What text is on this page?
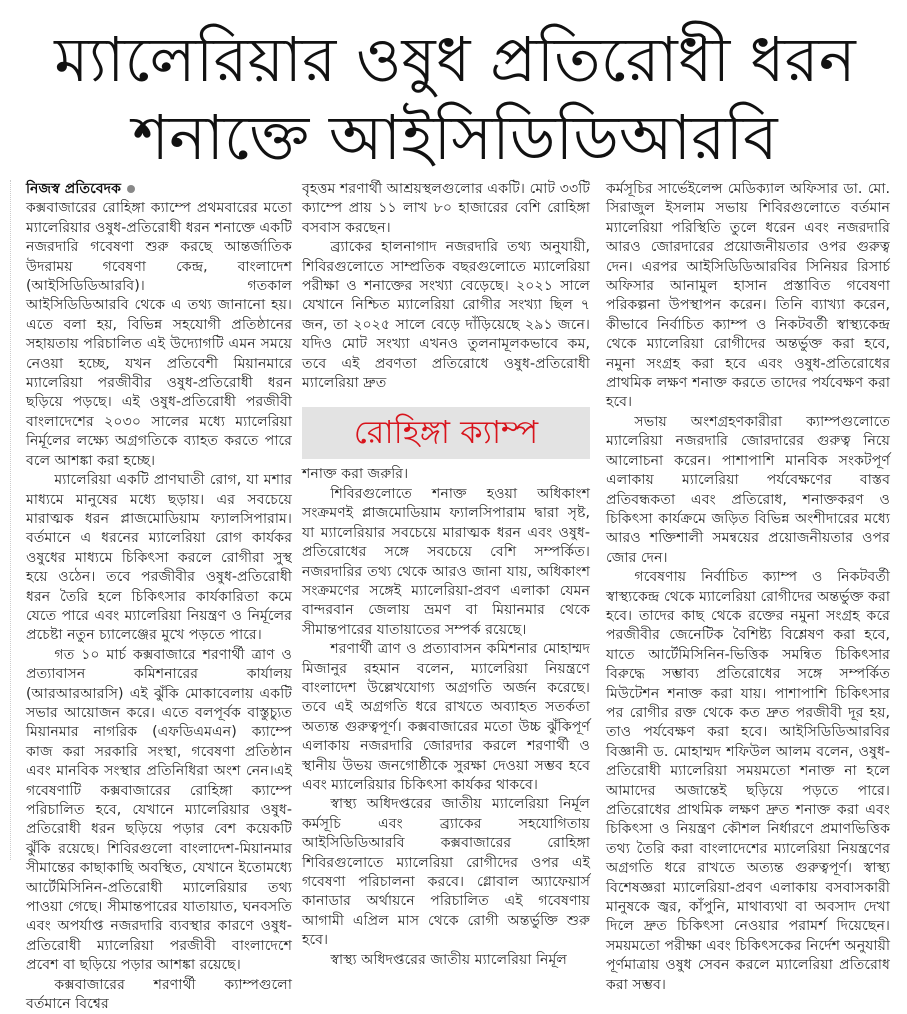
ম্যালেরিয়ার ওষুধ প্রতিরোধী ধরন
শনাক্তে আইসিডিডিআরবি
নিজস্ব প্রতিবেদক

কক্সবাজারের রোহিঙ্গা ক্যাম্পে প্রথমবারের মতো ম্যালেরিয়ার ওষুধ-প্রতিরোধী ধরন শনাক্তে একটি নজরদারি গবেষণা শুরু করছে আন্তর্জাতিক উদরাময় গবেষণা কেন্দ্র, বাংলাদেশ (আইসিডিডিআরবি)। গতকাল আইসিডিডিআরবি থেকে এ তথ্য জানানো হয়। এতে বলা হয়, বিভিন্ন সহযোগী প্রতিষ্ঠানের সহায়তায় পরিচালিত এই উদ্যোগটি এমন সময়ে নেওয়া হচ্ছে, যখন প্রতিবেশী মিয়ানমারে ম্যালেরিয়া পরজীবীর ওষুধ-প্রতিরোধী ধরন ছড়িয়ে পড়ছে। এই ওষুধ-প্রতিরোধী পরজীবী বাংলাদেশের ২০৩০ সালের মধ্যে ম্যালেরিয়া নির্মূলের লক্ষ্যে অগ্রগতিকে ব্যাহত করতে পারে বলে আশঙ্কা করা হচ্ছে।

ম্যালেরিয়া একটি প্রাণঘাতী রোগ, যা মশার মাধ্যমে মানুষের মধ্যে ছড়ায়। এর সবচেয়ে মারাত্মক ধরন প্লাজমোডিয়াম ফ্যালসিপারাম। বর্তমানে এ ধরনের ম্যালেরিয়া রোগ কার্যকর ওষুধের মাধ্যমে চিকিৎসা করলে রোগীরা সুস্থ হয়ে ওঠেন। তবে পরজীবীর ওষুধ-প্রতিরোধী ধরন তৈরি হলে চিকিৎসার কার্যকারিতা কমে যেতে পারে এবং ম্যালেরিয়া নিয়ন্ত্রণ ও নির্মূলের প্রচেষ্টা নতুন চ্যালেঞ্জের মুখে পড়তে পারে।

গত ১০ মার্চ কক্সবাজারে শরণার্থী ত্রাণ ও প্রত্যাবাসন কমিশনারের কার্যালয় (আরআরআরসি) এই ঝুঁকি মোকাবেলায় একটি সভার আয়োজন করে। এতে বলপূর্বক বাস্তুচ্যুত মিয়ানমার নাগরিক (এফডিএমএন) ক্যাম্পে কাজ করা সরকারি সংস্থা, গবেষণা প্রতিষ্ঠান এবং মানবিক সংস্থার প্রতিনিধিরা অংশ নেন।এই গবেষণাটি কক্সবাজারের রোহিঙ্গা ক্যাম্পে পরিচালিত হবে, যেখানে ম্যালেরিয়ার ওষুধ-প্রতিরোধী ধরন ছড়িয়ে পড়ার বেশ কয়েকটি ঝুঁকি রয়েছে। শিবিরগুলো বাংলাদেশ-মিয়ানমার সীমান্তের কাছাকাছি অবস্থিত, যেখানে ইতোমধ্যে আর্টেমিসিনিন-প্রতিরোধী ম্যালেরিয়ার তথ্য পাওয়া গেছে। সীমান্তপারের যাতায়াত, ঘনবসতি এবং অপর্যাপ্ত নজরদারি ব্যবস্থার কারণে ওষুধ-প্রতিরোধী ম্যালেরিয়া পরজীবী বাংলাদেশে প্রবেশ বা ছড়িয়ে পড়ার আশঙ্কা রয়েছে।

কক্সবাজারের শরণার্থী ক্যাম্পগুলো বর্তমানে বিশ্বের

বৃহত্তম শরণার্থী আশ্রয়স্থলগুলোর একটি। মোট ৩৩টি ক্যাম্পে প্রায় ১১ লাখ ৮০ হাজারের বেশি রোহিঙ্গা বসবাস করছেন।

ব্র্যাকের হালনাগাদ নজরদারি তথ্য অনুযায়ী, শিবিরগুলোতে সাম্প্রতিক বছরগুলোতে ম্যালেরিয়া পরীক্ষা ও শনাক্তের সংখ্যা বেড়েছে। ২০২১ সালে যেখানে নিশ্চিত ম্যালেরিয়া রোগীর সংখ্যা ছিল ৭ জন, তা ২০২৫ সালে বেড়ে দাঁড়িয়েছে ২৯১ জনে। যদিও মোট সংখ্যা এখনও তুলনামূলকভাবে কম, তবে এই প্রবণতা প্রতিরোধে ওষুধ-প্রতিরোধী ম্যালেরিয়া দ্রুত

রোহিঙ্গা ক্যাম্প

শনাক্ত করা জরুরি।

শিবিরগুলোতে শনাক্ত হওয়া অধিকাংশ সংক্রমণই প্লাজমোডিয়াম ফ্যালসিপারাম দ্বারা সৃষ্ট, যা ম্যালেরিয়ার সবচেয়ে মারাত্মক ধরন এবং ওষুধ-প্রতিরোধের সঙ্গে সবচেয়ে বেশি সম্পর্কিত। নজরদারির তথ্য থেকে আরও জানা যায়, অধিকাংশ সংক্রমণের সঙ্গেই ম্যালেরিয়া-প্রবণ এলাকা যেমন বান্দরবান জেলায় ভ্রমণ বা মিয়ানমার থেকে সীমান্তপারের যাতায়াতের সম্পর্ক রয়েছে।

শরণার্থী ত্রাণ ও প্রত্যাবাসন কমিশনার মোহাম্মদ মিজানুর রহমান বলেন, ম্যালেরিয়া নিয়ন্ত্রণে বাংলাদেশ উল্লেখযোগ্য অগ্রগতি অর্জন করেছে। তবে এই অগ্রগতি ধরে রাখতে অব্যাহত সতর্কতা অত্যন্ত গুরুত্বপূর্ণ। কক্সবাজারের মতো উচ্চ ঝুঁকিপূর্ণ এলাকায় নজরদারি জোরদার করলে শরণার্থী ও স্থানীয় উভয় জনগোষ্ঠীকে সুরক্ষা দেওয়া সম্ভব হবে এবং ম্যালেরিয়ার চিকিৎসা কার্যকর থাকবে।

স্বাস্থ্য অধিদপ্তরের জাতীয় ম্যালেরিয়া নির্মূল কর্মসূচি এবং ব্র্যাকের সহযোগিতায় আইসিডিডিআরবি কক্সবাজারের রোহিঙ্গা শিবিরগুলোতে ম্যালেরিয়া রোগীদের ওপর এই গবেষণা পরিচালনা করবে। গ্লোবাল অ্যাফেয়ার্স কানাডার অর্থায়নে পরিচালিত এই গবেষণায় আগামী এপ্রিল মাস থেকে রোগী অন্তর্ভুক্তি শুরু হবে।

স্বাস্থ্য অধিদপ্তরের জাতীয় ম্যালেরিয়া নির্মূল

কর্মসূচির সার্ভেইলেন্স মেডিক্যাল অফিসার ডা. মো. সিরাজুল ইসলাম সভায় শিবিরগুলোতে বর্তমান ম্যালেরিয়া পরিস্থিতি তুলে ধরেন এবং নজরদারি আরও জোরদারের প্রয়োজনীয়তার ওপর গুরুত্ব দেন। এরপর আইসিডিডিআরবির সিনিয়র রিসার্চ অফিসার আনামুল হাসান প্রস্তাবিত গবেষণা পরিকল্পনা উপস্থাপন করেন। তিনি ব্যাখ্যা করেন, কীভাবে নির্বাচিত ক্যাম্প ও নিকটবর্তী স্বাস্থ্যকেন্দ্র থেকে ম্যালেরিয়া রোগীদের অন্তর্ভুক্ত করা হবে, নমুনা সংগ্রহ করা হবে এবং ওষুধ-প্রতিরোধের প্রাথমিক লক্ষণ শনাক্ত করতে তাদের পর্যবেক্ষণ করা হবে।

সভায় অংশগ্রহণকারীরা ক্যাম্পগুলোতে ম্যালেরিয়া নজরদারি জোরদারের গুরুত্ব নিয়ে আলোচনা করেন। পাশাপাশি মানবিক সংকটপূর্ণ এলাকায় ম্যালেরিয়া পর্যবেক্ষণের বাস্তব প্রতিবন্ধকতা এবং প্রতিরোধ, শনাক্তকরণ ও চিকিৎসা কার্যক্রমে জড়িত বিভিন্ন অংশীদারের মধ্যে আরও শক্তিশালী সমন্বয়ের প্রয়োজনীয়তার ওপর জোর দেন।

গবেষণায় নির্বাচিত ক্যাম্প ও নিকটবর্তী স্বাস্থ্যকেন্দ্র থেকে ম্যালেরিয়া রোগীদের অন্তর্ভুক্ত করা হবে। তাদের কাছ থেকে রক্তের নমুনা সংগ্রহ করে পরজীবীর জেনেটিক বৈশিষ্ট্য বিশ্লেষণ করা হবে, যাতে আর্টেমিসিনিন-ভিত্তিক সমন্বিত চিকিৎসার বিরুদ্ধে সম্ভাব্য প্রতিরোধের সঙ্গে সম্পর্কিত মিউটেশন শনাক্ত করা যায়। পাশাপাশি চিকিৎসার পর রোগীর রক্ত থেকে কত দ্রুত পরজীবী দূর হয়, তাও পর্যবেক্ষণ করা হবে। আইসিডিডিআরবির বিজ্ঞানী ড. মোহাম্মদ শফিউল আলম বলেন, ওষুধ-প্রতিরোধী ম্যালেরিয়া সময়মতো শনাক্ত না হলে আমাদের অজান্তেই ছড়িয়ে পড়তে পারে। প্রতিরোধের প্রাথমিক লক্ষণ দ্রুত শনাক্ত করা এবং চিকিৎসা ও নিয়ন্ত্রণ কৌশল নির্ধারণে প্রমাণভিত্তিক তথ্য তৈরি করা বাংলাদেশের ম্যালেরিয়া নিয়ন্ত্রণের অগ্রগতি ধরে রাখতে অত্যন্ত গুরুত্বপূর্ণ। স্বাস্থ্য বিশেষজ্ঞরা ম্যালেরিয়া-প্রবণ এলাকায় বসবাসকারী মানুষকে জ্বর, কাঁপুনি, মাথাব্যথা বা অবসাদ দেখা দিলে দ্রুত চিকিৎসা নেওয়ার পরামর্শ দিয়েছেন। সময়মতো পরীক্ষা এবং চিকিৎসকের নির্দেশ অনুযায়ী পূর্ণমাত্রায় ওষুধ সেবন করলে ম্যালেরিয়া প্রতিরোধ করা সম্ভব।
